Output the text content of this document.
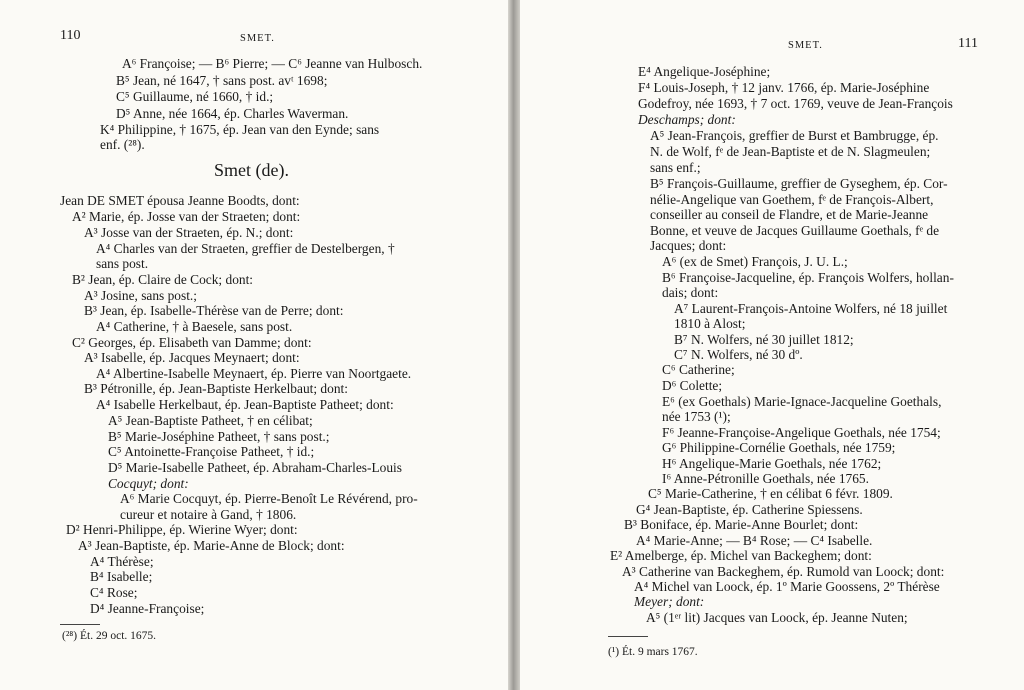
110	SMET.
A⁶ Françoise; — B⁶ Pierre; — C⁶ Jeanne van Hulbosch.
B⁵ Jean, né 1647, † sans post. avᵗ 1698;
C⁵ Guillaume, né 1660, † id.;
D⁵ Anne, née 1664, ép. Charles Waverman.
K⁴ Philippine, † 1675, ép. Jean van den Eynde; sans
enf. (²⁸).
Smet (de).
Jean DE SMET épousa Jeanne Boodts, dont:
A² Marie, ép. Josse van der Straeten; dont:
A³ Josse van der Straeten, ép. N.; dont:
A⁴ Charles van der Straeten, greffier de Destelbergen, †
sans post.
B² Jean, ép. Claire de Cock; dont:
A³ Josine, sans post.;
B³ Jean, ép. Isabelle-Thérèse van de Perre; dont:
A⁴ Catherine, † à Baesele, sans post.
C² Georges, ép. Elisabeth van Damme; dont:
A³ Isabelle, ép. Jacques Meynaert; dont:
A⁴ Albertine-Isabelle Meynaert, ép. Pierre van Noortgaete.
B³ Pétronille, ép. Jean-Baptiste Herkelbaut; dont:
A⁴ Isabelle Herkelbaut, ép. Jean-Baptiste Patheet; dont:
A⁵ Jean-Baptiste Patheet, † en célibat;
B⁵ Marie-Joséphine Patheet, † sans post.;
C⁵ Antoinette-Françoise Patheet, † id.;
D⁵ Marie-Isabelle Patheet, ép. Abraham-Charles-Louis
Cocquyt; dont:
A⁶ Marie Cocquyt, ép. Pierre-Benoît Le Révérend, pro-
cureur et notaire à Gand, † 1806.
D² Henri-Philippe, ép. Wierine Wyer; dont:
A³ Jean-Baptiste, ép. Marie-Anne de Block; dont:
A⁴ Thérèse;
B⁴ Isabelle;
C⁴ Rose;
D⁴ Jeanne-Françoise;
(²⁸) Ét. 29 oct. 1675.
SMET.	111
E⁴ Angelique-Joséphine;
F⁴ Louis-Joseph, † 12 janv. 1766, ép. Marie-Joséphine
Godefroy, née 1693, † 7 oct. 1769, veuve de Jean-François
Deschamps; dont:
A⁵ Jean-François, greffier de Burst et Bambrugge, ép.
N. de Wolf, fᵉ de Jean-Baptiste et de N. Slagmeulen;
sans enf.;
B⁵ François-Guillaume, greffier de Gyseghem, ép. Cor-
nélie-Angelique van Goethem, fᵉ de François-Albert,
conseiller au conseil de Flandre, et de Marie-Jeanne
Bonne, et veuve de Jacques Guillaume Goethals, fᵉ de
Jacques; dont:
A⁶ (ex de Smet) François, J. U. L.;
B⁶ Françoise-Jacqueline, ép. François Wolfers, hollan-
dais; dont:
A⁷ Laurent-François-Antoine Wolfers, né 18 juillet
1810 à Alost;
B⁷ N. Wolfers, né 30 juillet 1812;
C⁷ N. Wolfers, né 30 dº.
C⁶ Catherine;
D⁶ Colette;
E⁶ (ex Goethals) Marie-Ignace-Jacqueline Goethals,
née 1753 (¹);
F⁶ Jeanne-Françoise-Angelique Goethals, née 1754;
G⁶ Philippine-Cornélie Goethals, née 1759;
H⁶ Angelique-Marie Goethals, née 1762;
I⁶ Anne-Pétronille Goethals, née 1765.
C⁵ Marie-Catherine, † en célibat 6 févr. 1809.
G⁴ Jean-Baptiste, ép. Catherine Spiessens.
B³ Boniface, ép. Marie-Anne Bourlet; dont:
A⁴ Marie-Anne; — B⁴ Rose; — C⁴ Isabelle.
E² Amelberge, ép. Michel van Backeghem; dont:
A³ Catherine van Backeghem, ép. Rumold van Loock; dont:
A⁴ Michel van Loock, ép. 1º Marie Goossens, 2º Thérèse
Meyer; dont:
A⁵ (1ᵉʳ lit) Jacques van Loock, ép. Jeanne Nuten;
(¹) Ét. 9 mars 1767.
